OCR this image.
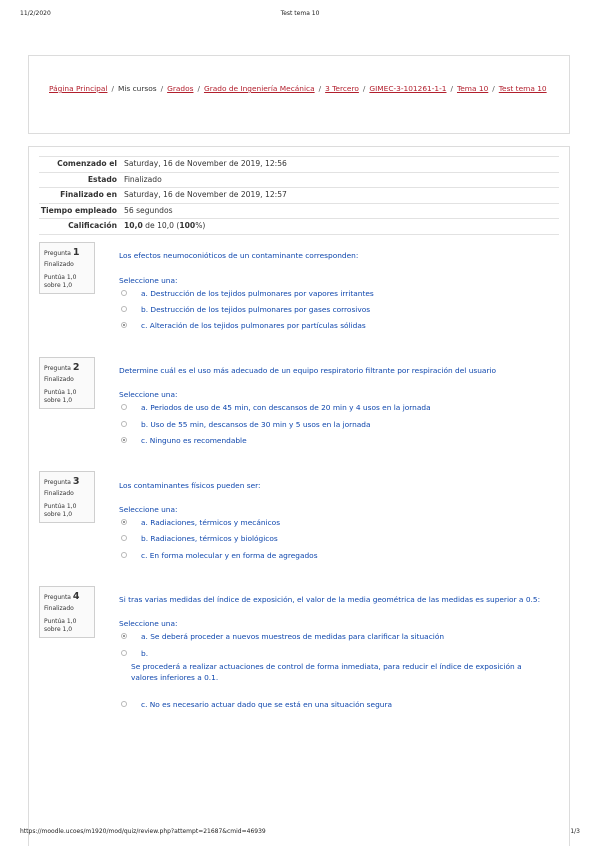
11/2/2020	Test tema 10
Página Principal / Mis cursos / Grados / Grado de Ingeniería Mecánica / 3 Tercero / GIMEC-3-101261-1-1 / Tema 10 / Test tema 10
Comenzado el Saturday, 16 de November de 2019, 12:56
Estado Finalizado
Finalizado en Saturday, 16 de November de 2019, 12:57
Tiempo empleado 56 segundos
Calificación 10,0 de 10,0 (100%)
Pregunta 1
Finalizado
Puntúa 1,0
sobre 1,0
Los efectos neumoconióticos de un contaminante corresponden:
Seleccione una:
a. Destrucción de los tejidos pulmonares por vapores irritantes
b. Destrucción de los tejidos pulmonares por gases corrosivos
c. Alteración de los tejidos pulmonares por partículas sólidas
Pregunta 2
Finalizado
Puntúa 1,0
sobre 1,0
Determine cuál es el uso más adecuado de un equipo respiratorio filtrante por respiración del usuario
Seleccione una:
a. Periodos de uso de 45 min, con descansos de 20 min y 4 usos en la jornada
b. Uso de 55 min, descansos de 30 min y 5 usos en la jornada
c. Ninguno es recomendable
Pregunta 3
Finalizado
Puntúa 1,0
sobre 1,0
Los contaminantes físicos pueden ser:
Seleccione una:
a. Radiaciones, térmicos y mecánicos
b. Radiaciones, térmicos y biológicos
c. En forma molecular y en forma de agregados
Pregunta 4
Finalizado
Puntúa 1,0
sobre 1,0
Si tras varias medidas del índice de exposición, el valor de la media geométrica de las medidas es superior a 0.5:
Seleccione una:
a. Se deberá proceder a nuevos muestreos de medidas para clarificar la situación
b.
Se procederá a realizar actuaciones de control de forma inmediata, para reducir el índice de exposición a valores inferiores a 0.1.
c. No es necesario actuar dado que se está en una situación segura
https://moodle.ucoes/m1920/mod/quiz/review.php?attempt=21687&cmid=46939	1/3
